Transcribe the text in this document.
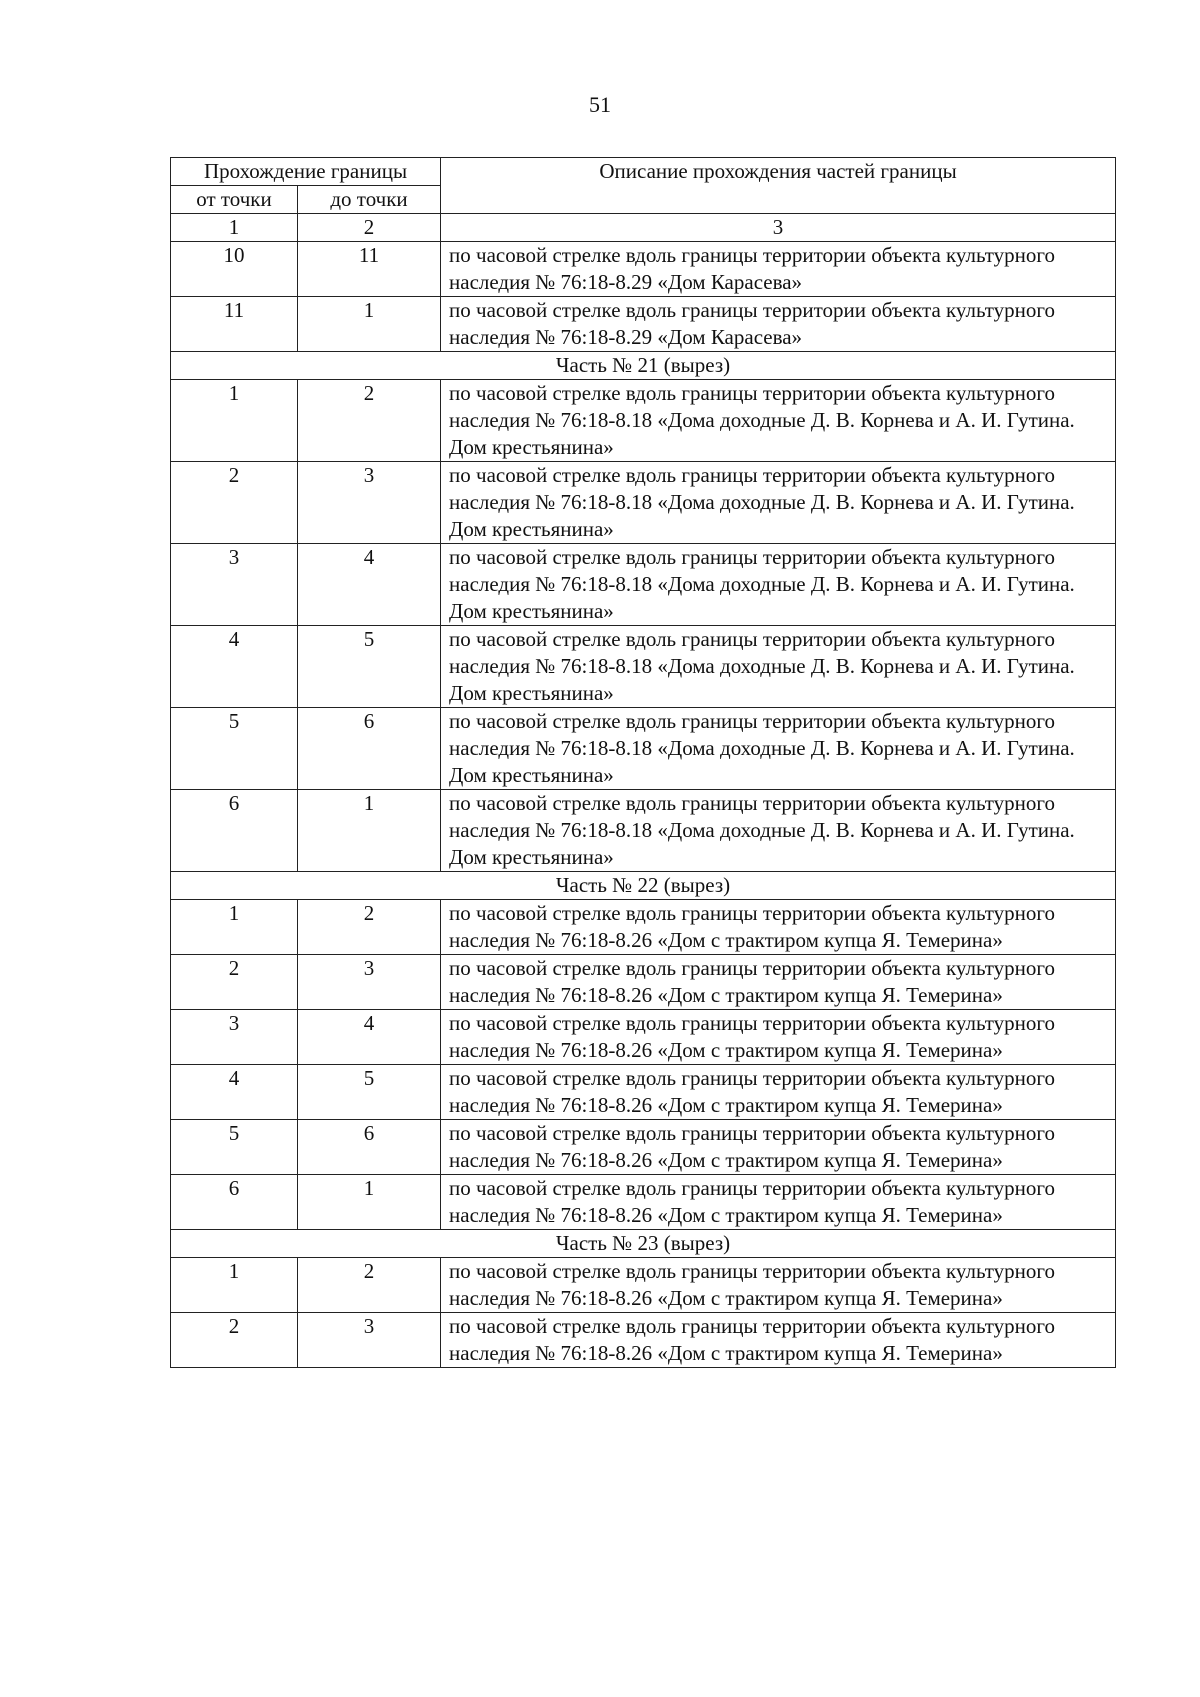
51
Прохождение границы		Описание прохождения частей границы
от точки	до точки	
1	2	3
10	11	по часовой стрелке вдоль границы территории объекта культурного наследия № 76:18-8.29 «Дом Карасева»
11	1	по часовой стрелке вдоль границы территории объекта культурного наследия № 76:18-8.29 «Дом Карасева»
Часть № 21 (вырез)		
1	2	по часовой стрелке вдоль границы территории объекта культурного наследия № 76:18-8.18 «Дома доходные Д. В. Корнева и А. И. Гутина. Дом крестьянина»
2	3	по часовой стрелке вдоль границы территории объекта культурного наследия № 76:18-8.18 «Дома доходные Д. В. Корнева и А. И. Гутина. Дом крестьянина»
3	4	по часовой стрелке вдоль границы территории объекта культурного наследия № 76:18-8.18 «Дома доходные Д. В. Корнева и А. И. Гутина. Дом крестьянина»
4	5	по часовой стрелке вдоль границы территории объекта культурного наследия № 76:18-8.18 «Дома доходные Д. В. Корнева и А. И. Гутина. Дом крестьянина»
5	6	по часовой стрелке вдоль границы территории объекта культурного наследия № 76:18-8.18 «Дома доходные Д. В. Корнева и А. И. Гутина. Дом крестьянина»
6	1	по часовой стрелке вдоль границы территории объекта культурного наследия № 76:18-8.18 «Дома доходные Д. В. Корнева и А. И. Гутина. Дом крестьянина»
Часть № 22 (вырез)		
1	2	по часовой стрелке вдоль границы территории объекта культурного наследия № 76:18-8.26 «Дом с трактиром купца Я. Темерина»
2	3	по часовой стрелке вдоль границы территории объекта культурного наследия № 76:18-8.26 «Дом с трактиром купца Я. Темерина»
3	4	по часовой стрелке вдоль границы территории объекта культурного наследия № 76:18-8.26 «Дом с трактиром купца Я. Темерина»
4	5	по часовой стрелке вдоль границы территории объекта культурного наследия № 76:18-8.26 «Дом с трактиром купца Я. Темерина»
5	6	по часовой стрелке вдоль границы территории объекта культурного наследия № 76:18-8.26 «Дом с трактиром купца Я. Темерина»
6	1	по часовой стрелке вдоль границы территории объекта культурного наследия № 76:18-8.26 «Дом с трактиром купца Я. Темерина»
Часть № 23 (вырез)		
1	2	по часовой стрелке вдоль границы территории объекта культурного наследия № 76:18-8.26 «Дом с трактиром купца Я. Темерина»
2	3	по часовой стрелке вдоль границы территории объекта культурного наследия № 76:18-8.26 «Дом с трактиром купца Я. Темерина»
